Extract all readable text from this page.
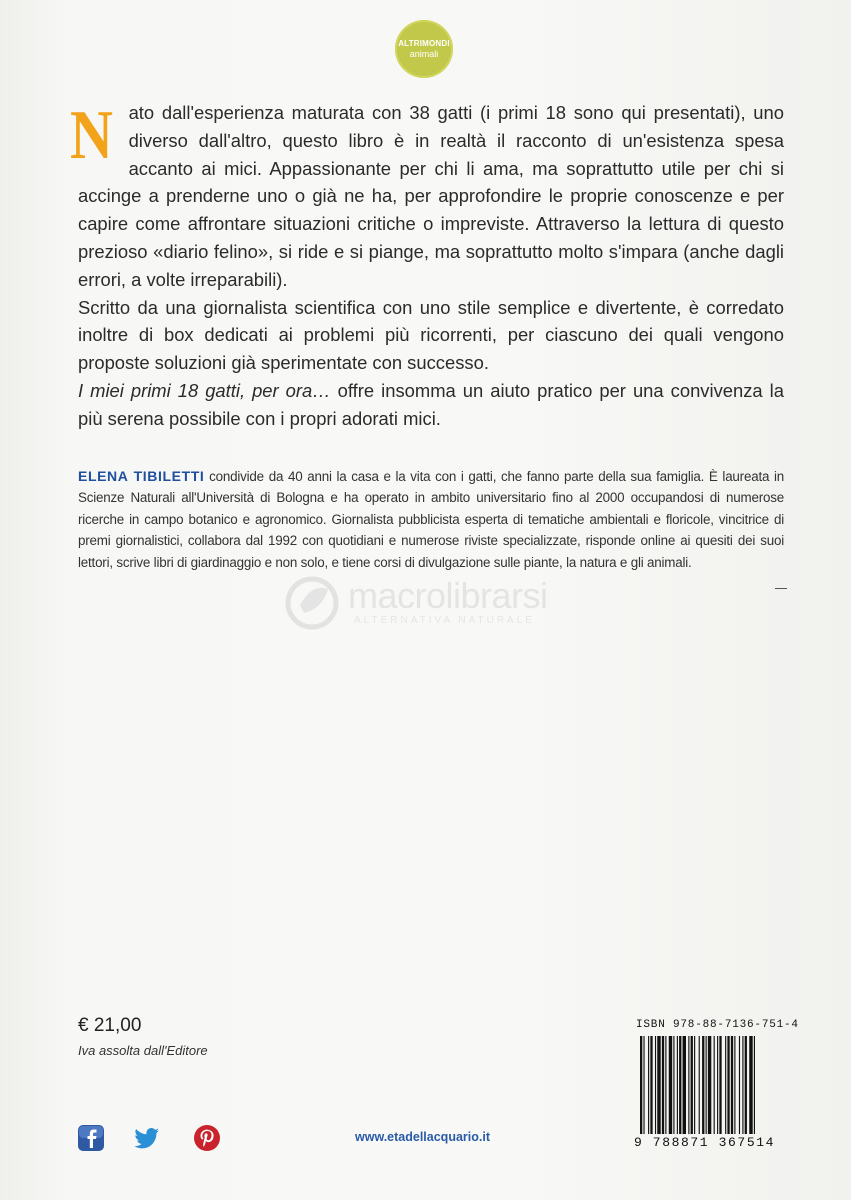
ALTRIMONDI
animali

Nato dall'esperienza maturata con 38 gatti (i primi 18 sono qui presentati), uno diverso dall'altro, questo libro è in realtà il racconto di un'esistenza spesa accanto ai mici. Appassionante per chi li ama, ma soprattutto utile per chi si accinge a prenderne uno o già ne ha, per approfondire le proprie conoscenze e per capire come affrontare situazioni critiche o impreviste. Attraverso la lettura di questo prezioso «diario felino», si ride e si piange, ma soprattutto molto s'impara (anche dagli errori, a volte irreparabili).

Scritto da una giornalista scientifica con uno stile semplice e divertente, è corredato inoltre di box dedicati ai problemi più ricorrenti, per ciascuno dei quali vengono proposte soluzioni già sperimentate con successo.

I miei primi 18 gatti, per ora… offre insomma un aiuto pratico per una convivenza la più serena possibile con i propri adorati mici.

ELENA TIBILETTI condivide da 40 anni la casa e la vita con i gatti, che fanno parte della sua famiglia. È laureata in Scienze Naturali all'Università di Bologna e ha operato in ambito universitario fino al 2000 occupandosi di numerose ricerche in campo botanico e agronomico. Giornalista pubblicista esperta di tematiche ambientali e floricole, vincitrice di premi giornalistici, collabora dal 1992 con quotidiani e numerose riviste specializzate, risponde online ai quesiti dei suoi lettori, scrive libri di giardinaggio e non solo, e tiene corsi di divulgazione sulle piante, la natura e gli animali.
macrolibrarsi
ALTERNATIVA NATURALE
€ 21,00
Iva assolta dall'Editore
ISBN 978-88-7136-751-4
9 788871 367514
www.etadellacquario.it
